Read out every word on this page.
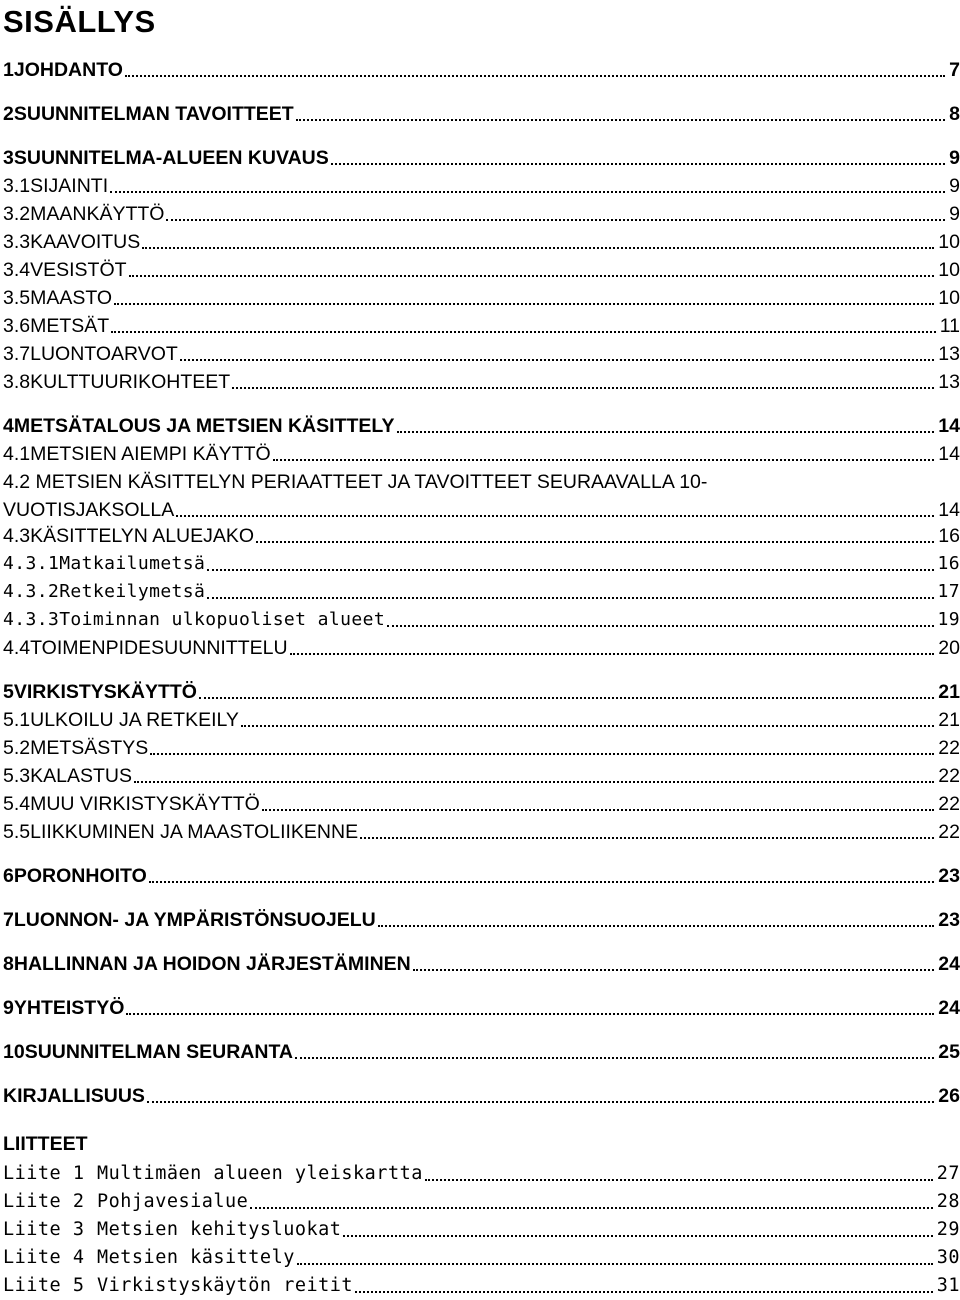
SISÄLLYS
1 JOHDANTO	7
2 SUUNNITELMAN TAVOITTEET	8
3 SUUNNITELMA-ALUEEN KUVAUS	9
3.1 SIJAINTI	9
3.2 MAANKÄYTTÖ	9
3.3 KAAVOITUS	10
3.4 VESISTÖT	10
3.5 MAASTO	10
3.6 METSÄT	11
3.7 LUONTOARVOT	13
3.8 KULTTUURIKOHTEET	13
4 METSÄTALOUS JA METSIEN KÄSITTELY	14
4.1 METSIEN AIEMPI KÄYTTÖ	14
4.2 METSIEN KÄSITTELYN PERIAATTEET JA TAVOITTEET SEURAAVALLA 10-
VUOTISJAKSOLLA	14
4.3 KÄSITTELYN ALUEJAKO	16
4.3.1 Matkailumetsä	16
4.3.2 Retkeilymetsä	17
4.3.3 Toiminnan ulkopuoliset alueet	19
4.4 TOIMENPIDESUUNNITTELU	20
5 VIRKISTYSKÄYTTÖ	21
5.1 ULKOILU JA RETKEILY	21
5.2 METSÄSTYS	22
5.3 KALASTUS	22
5.4 MUU VIRKISTYSKÄYTTÖ	22
5.5 LIIKKUMINEN JA MAASTOLIIKENNE	22
6 PORONHOITO	23
7 LUONNON- JA YMPÄRISTÖNSUOJELU	23
8 HALLINNAN JA HOIDON JÄRJESTÄMINEN	24
9 YHTEISTYÖ	24
10 SUUNNITELMAN SEURANTA	25
KIRJALLISUUS	26
LIITTEET
Liite 1 Multimäen alueen yleiskartta	27
Liite 2 Pohjavesialue	28
Liite 3 Metsien kehitysluokat	29
Liite 4 Metsien käsittely	30
Liite 5 Virkistyskäytön reitit	31
